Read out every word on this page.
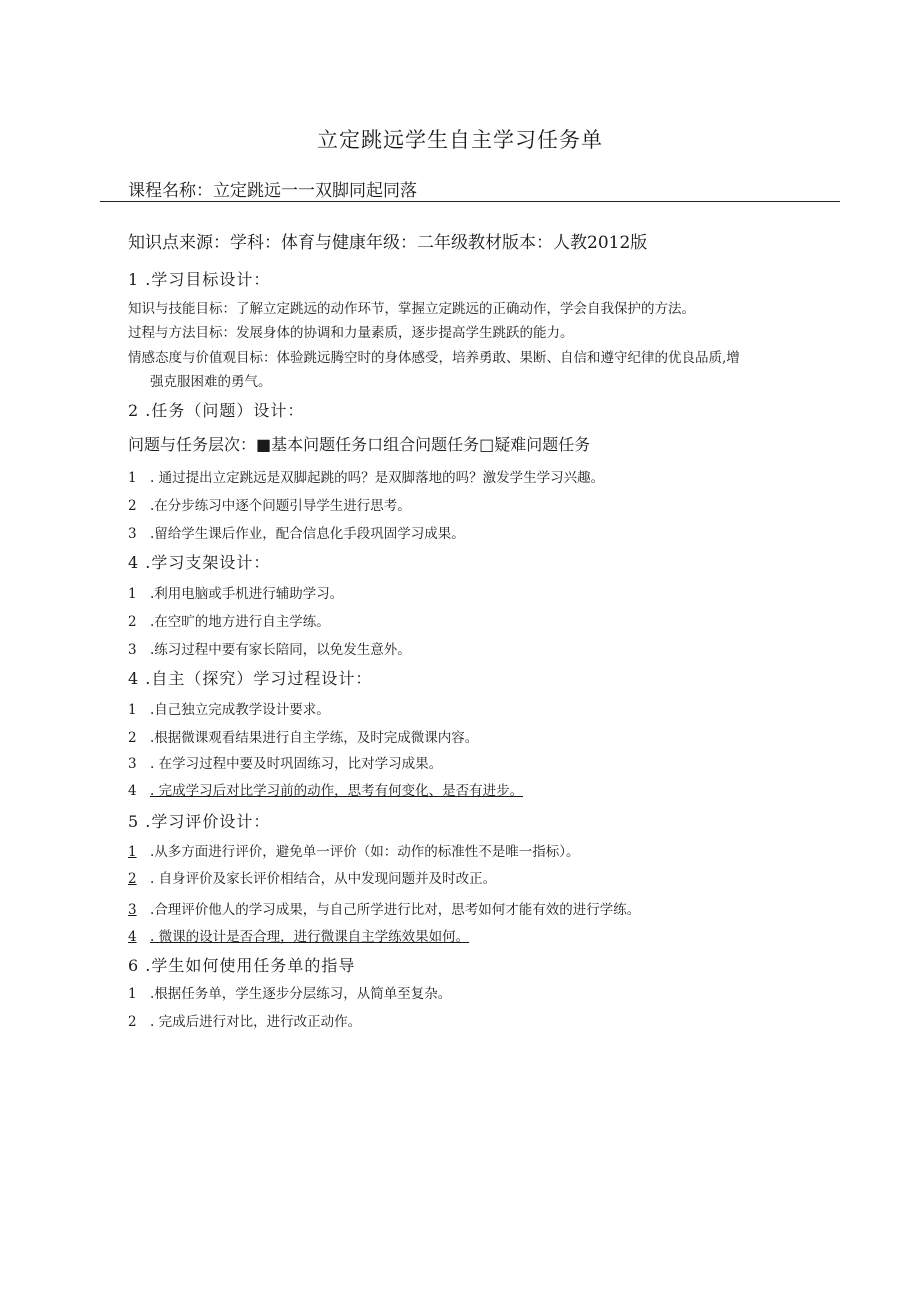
立定跳远学生自主学习任务单
课程名称：立定跳远一一双脚同起同落
知识点来源：学科：体育与健康年级：二年级教材版本：人教2012版
1 .学习目标设计：
知识与技能目标：了解立定跳远的动作环节，掌握立定跳远的正确动作，学会自我保护的方法。
过程与方法目标：发展身体的协调和力量素质，逐步提高学生跳跃的能力。
情感态度与价值观目标：体验跳远腾空时的身体感受，培养勇敢、果断、自信和遵守纪律的优良品质,增
强克服困难的勇气。
2 .任务（问题）设计：
问题与任务层次：■基本问题任务口组合问题任务□疑难问题任务
1 . 通过提出立定跳远是双脚起跳的吗？是双脚落地的吗？激发学生学习兴趣。
2 .在分步练习中逐个问题引导学生进行思考。
3 .留给学生课后作业，配合信息化手段巩固学习成果。
4 .学习支架设计：
1 .利用电脑或手机进行辅助学习。
2 .在空旷的地方进行自主学练。
3 .练习过程中要有家长陪同，以免发生意外。
4 .自主（探究）学习过程设计：
1 .自己独立完成教学设计要求。
2 .根据微课观看结果进行自主学练，及时完成微课内容。
3 . 在学习过程中要及时巩固练习，比对学习成果。
4 . 完成学习后对比学习前的动作，思考有何变化、是否有进步。
5 .学习评价设计：
1 .从多方面进行评价，避免单一评价（如：动作的标准性不是唯一指标）。
2 . 自身评价及家长评价相结合，从中发现问题并及时改正。
3 .合理评价他人的学习成果，与自己所学进行比对，思考如何才能有效的进行学练。
4 . 微课的设计是否合理，进行微课自主学练效果如何。
6 .学生如何使用任务单的指导
1 .根据任务单，学生逐步分层练习，从简单至复杂。
2 . 完成后进行对比，进行改正动作。
